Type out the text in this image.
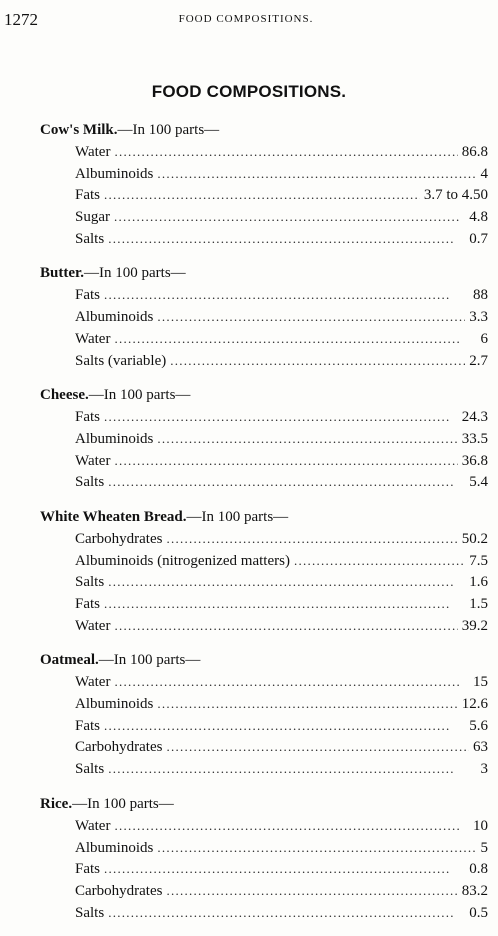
1272	FOOD COMPOSITIONS.
FOOD COMPOSITIONS.
Cow's Milk.—In 100 parts—
Water . . .	86.8
Albuminoids . . .	4
Fats . . .	3.7 to 4.50
Sugar . . .	4.8
Salts . . .	0.7
Butter.—In 100 parts—
Fats . . .	88
Albuminoids . . .	3.3
Water . . .	6
Salts (variable) . . .	2.7
Cheese.—In 100 parts—
Fats . . .	24.3
Albuminoids . . .	33.5
Water . . .	36.8
Salts . . .	5.4
White Wheaten Bread.—In 100 parts—
Carbohydrates . . .	50.2
Albuminoids (nitrogenized matters) . . .	7.5
Salts . . .	1.6
Fats . . .	1.5
Water . . .	39.2
Oatmeal.—In 100 parts—
Water . . .	15
Albuminoids . . .	12.6
Fats . . .	5.6
Carbohydrates . . .	63
Salts . . .	3
Rice.—In 100 parts—
Water . . .	10
Albuminoids . . .	5
Fats . . .	0.8
Carbohydrates . . .	83.2
Salts . . .	0.5
